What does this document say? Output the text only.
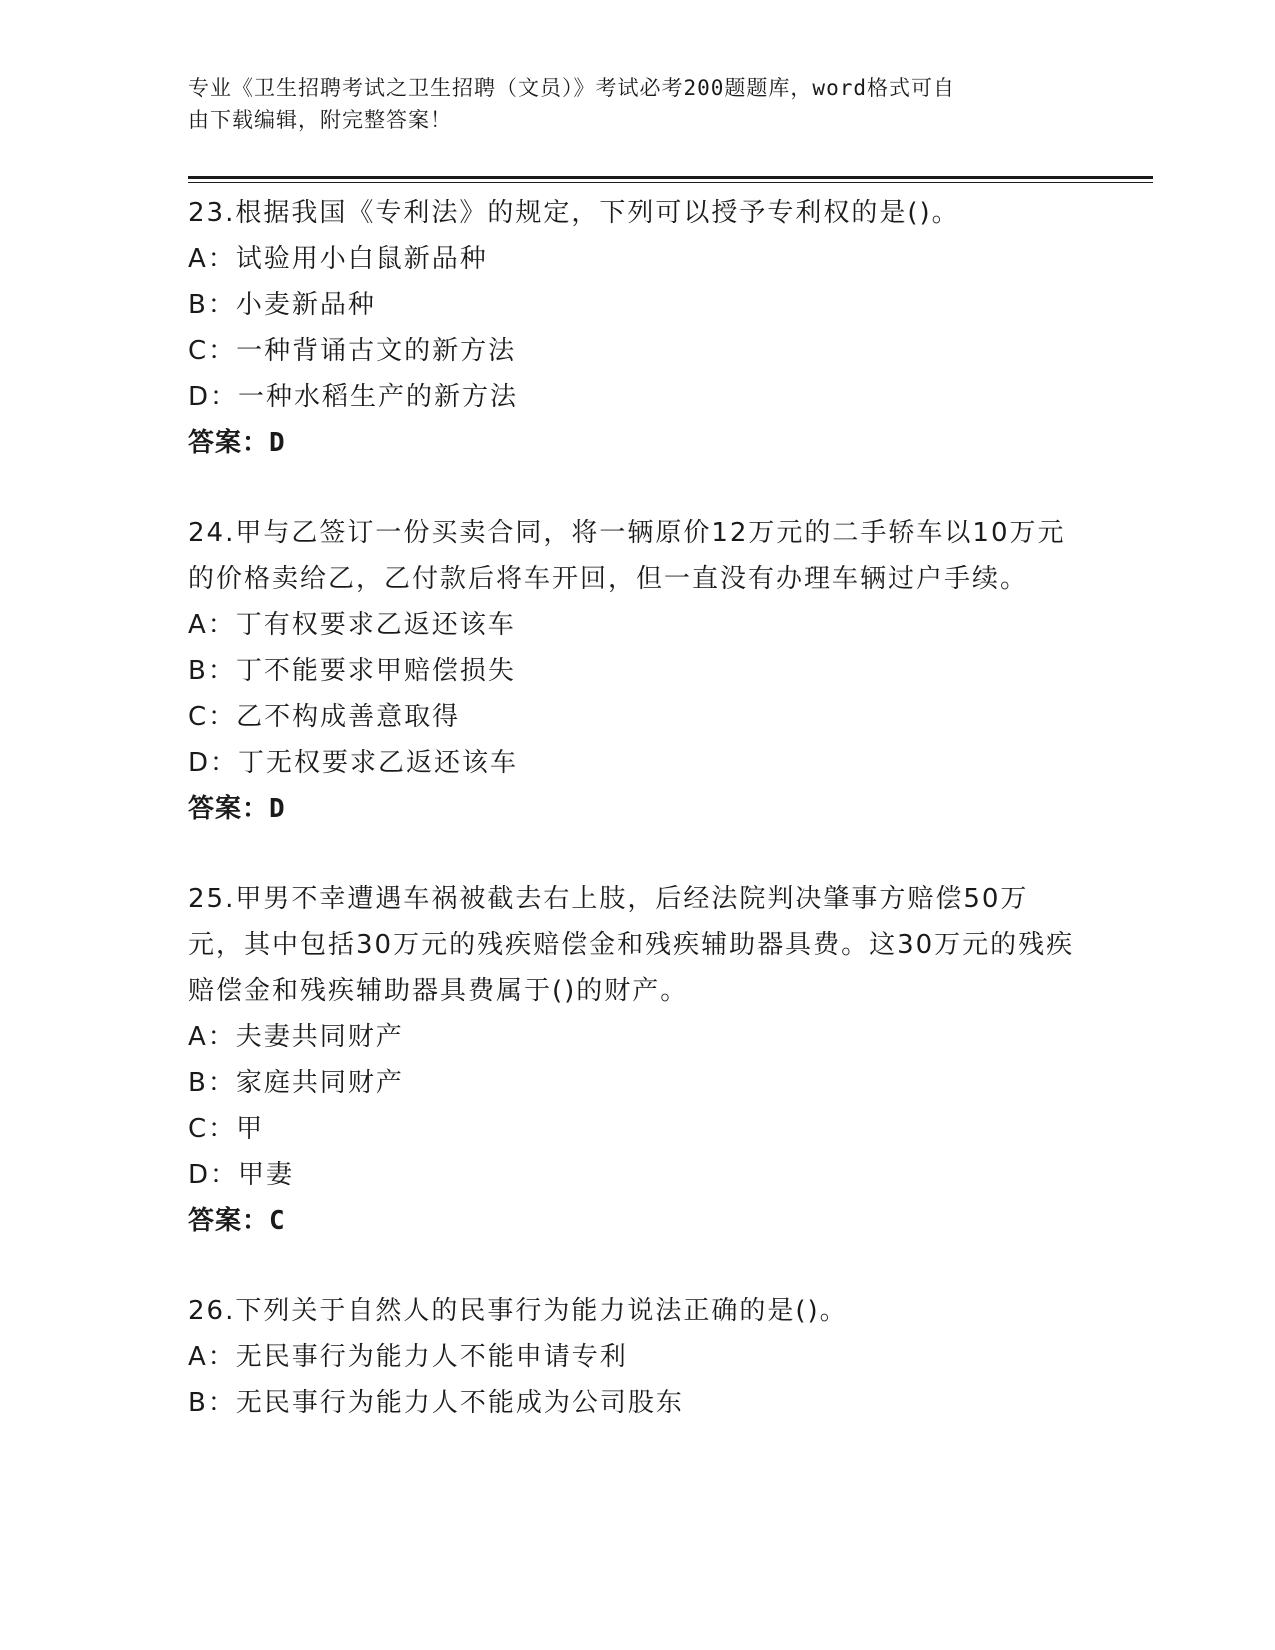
专业《卫生招聘考试之卫生招聘（文员）》考试必考200题题库，word格式可自
由下载编辑，附完整答案！
23.根据我国《专利法》的规定，下列可以授予专利权的是()。
A：试验用小白鼠新品种
B：小麦新品种
C：一种背诵古文的新方法
D：一种水稻生产的新方法
答案：D
24.甲与乙签订一份买卖合同，将一辆原价12万元的二手轿车以10万元的价格卖给乙，乙付款后将车开回，但一直没有办理车辆过户手续。
A：丁有权要求乙返还该车
B：丁不能要求甲赔偿损失
C：乙不构成善意取得
D：丁无权要求乙返还该车
答案：D
25.甲男不幸遭遇车祸被截去右上肢，后经法院判决肇事方赔偿50万元，其中包括30万元的残疾赔偿金和残疾辅助器具费。这30万元的残疾赔偿金和残疾辅助器具费属于()的财产。
A：夫妻共同财产
B：家庭共同财产
C：甲
D：甲妻
答案：C
26.下列关于自然人的民事行为能力说法正确的是()。
A：无民事行为能力人不能申请专利
B：无民事行为能力人不能成为公司股东
